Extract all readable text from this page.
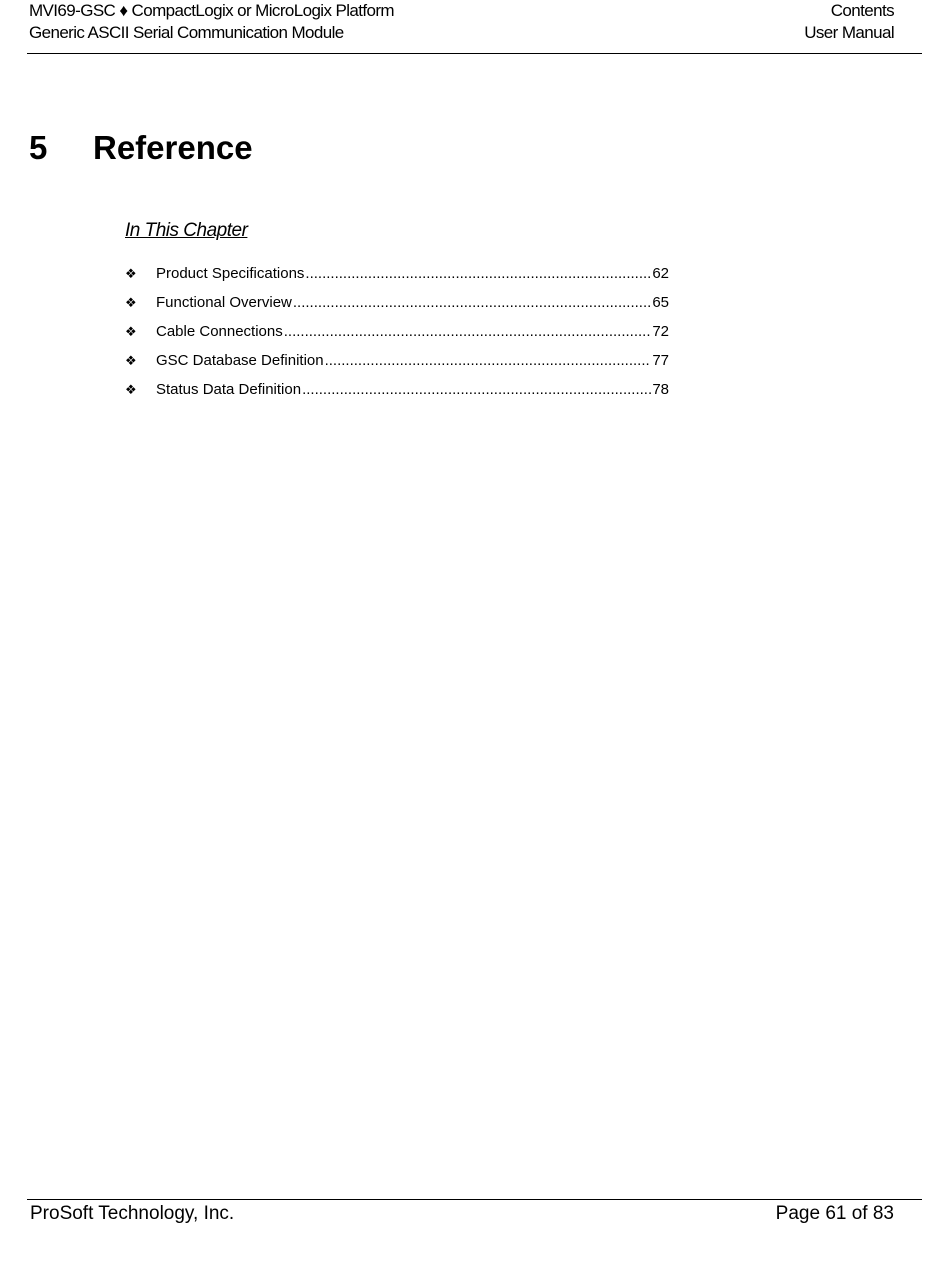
MVI69-GSC ♦ CompactLogix or MicroLogix Platform	Contents
Generic ASCII Serial Communication Module	User Manual
5 Reference
In This Chapter
❖	Product Specifications .....	62
❖	Functional Overview .....	65
❖	Cable Connections .....	72
❖	GSC Database Definition .....	77
❖	Status Data Definition .....	78
ProSoft Technology, Inc.	Page 61 of 83
